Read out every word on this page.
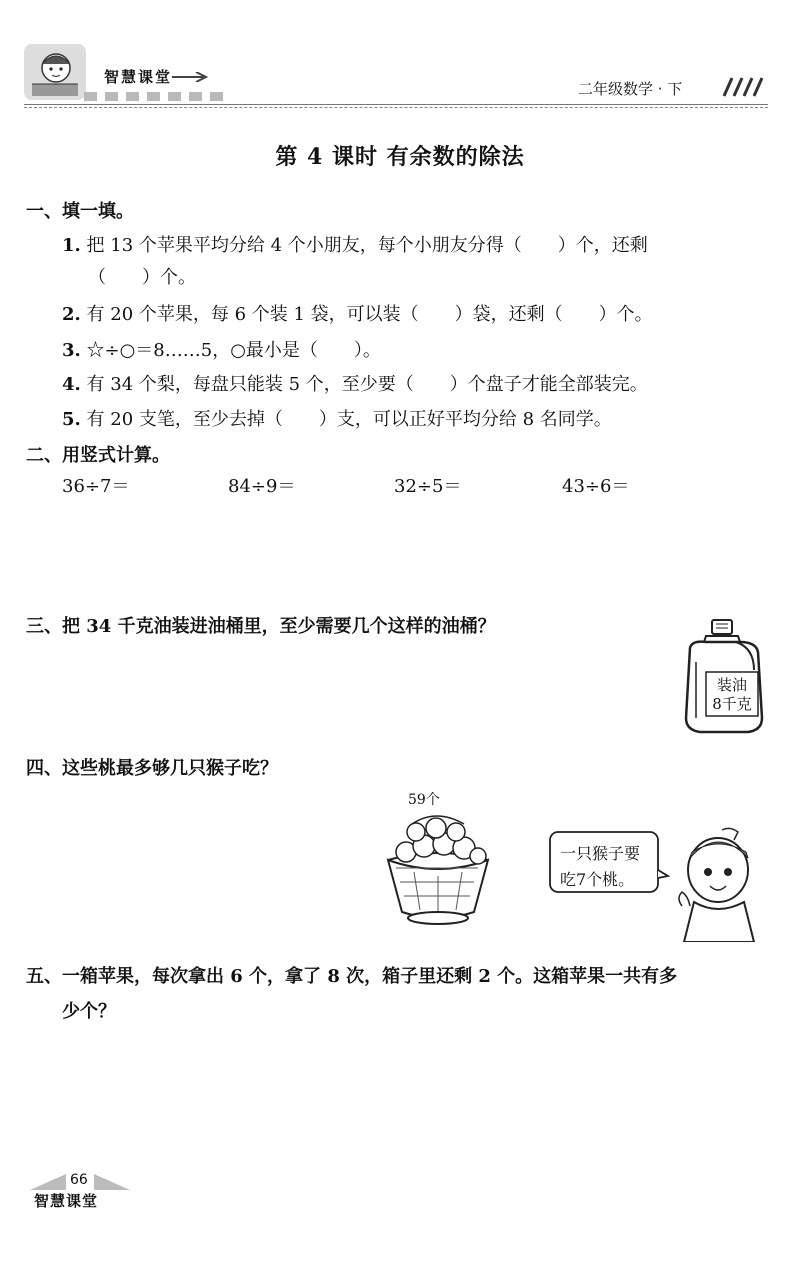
智慧课堂
二年级数学 · 下
第 4 课时 有余数的除法
一、填一填。
1. 把 13 个苹果平均分给 4 个小朋友，每个小朋友分得（　　）个，还剩
（　　）个。
2. 有 20 个苹果，每 6 个装 1 袋，可以装（　　）袋，还剩（　　）个。
3. ☆÷○＝8……5，○最小是（　　）。
4. 有 34 个梨，每盘只能装 5 个，至少要（　　）个盘子才能全部装完。
5. 有 20 支笔，至少去掉（　　）支，可以正好平均分给 8 名同学。
二、用竖式计算。
36÷7＝	84÷9＝	32÷5＝	43÷6＝
三、把 34 千克油装进油桶里，至少需要几个这样的油桶？
装油
8千克
四、这些桃最多够几只猴子吃？
59个
一只猴子要
吃7个桃。
五、一箱苹果，每次拿出 6 个，拿了 8 次，箱子里还剩 2 个。这箱苹果一共有多
少个？
66
智慧课堂
